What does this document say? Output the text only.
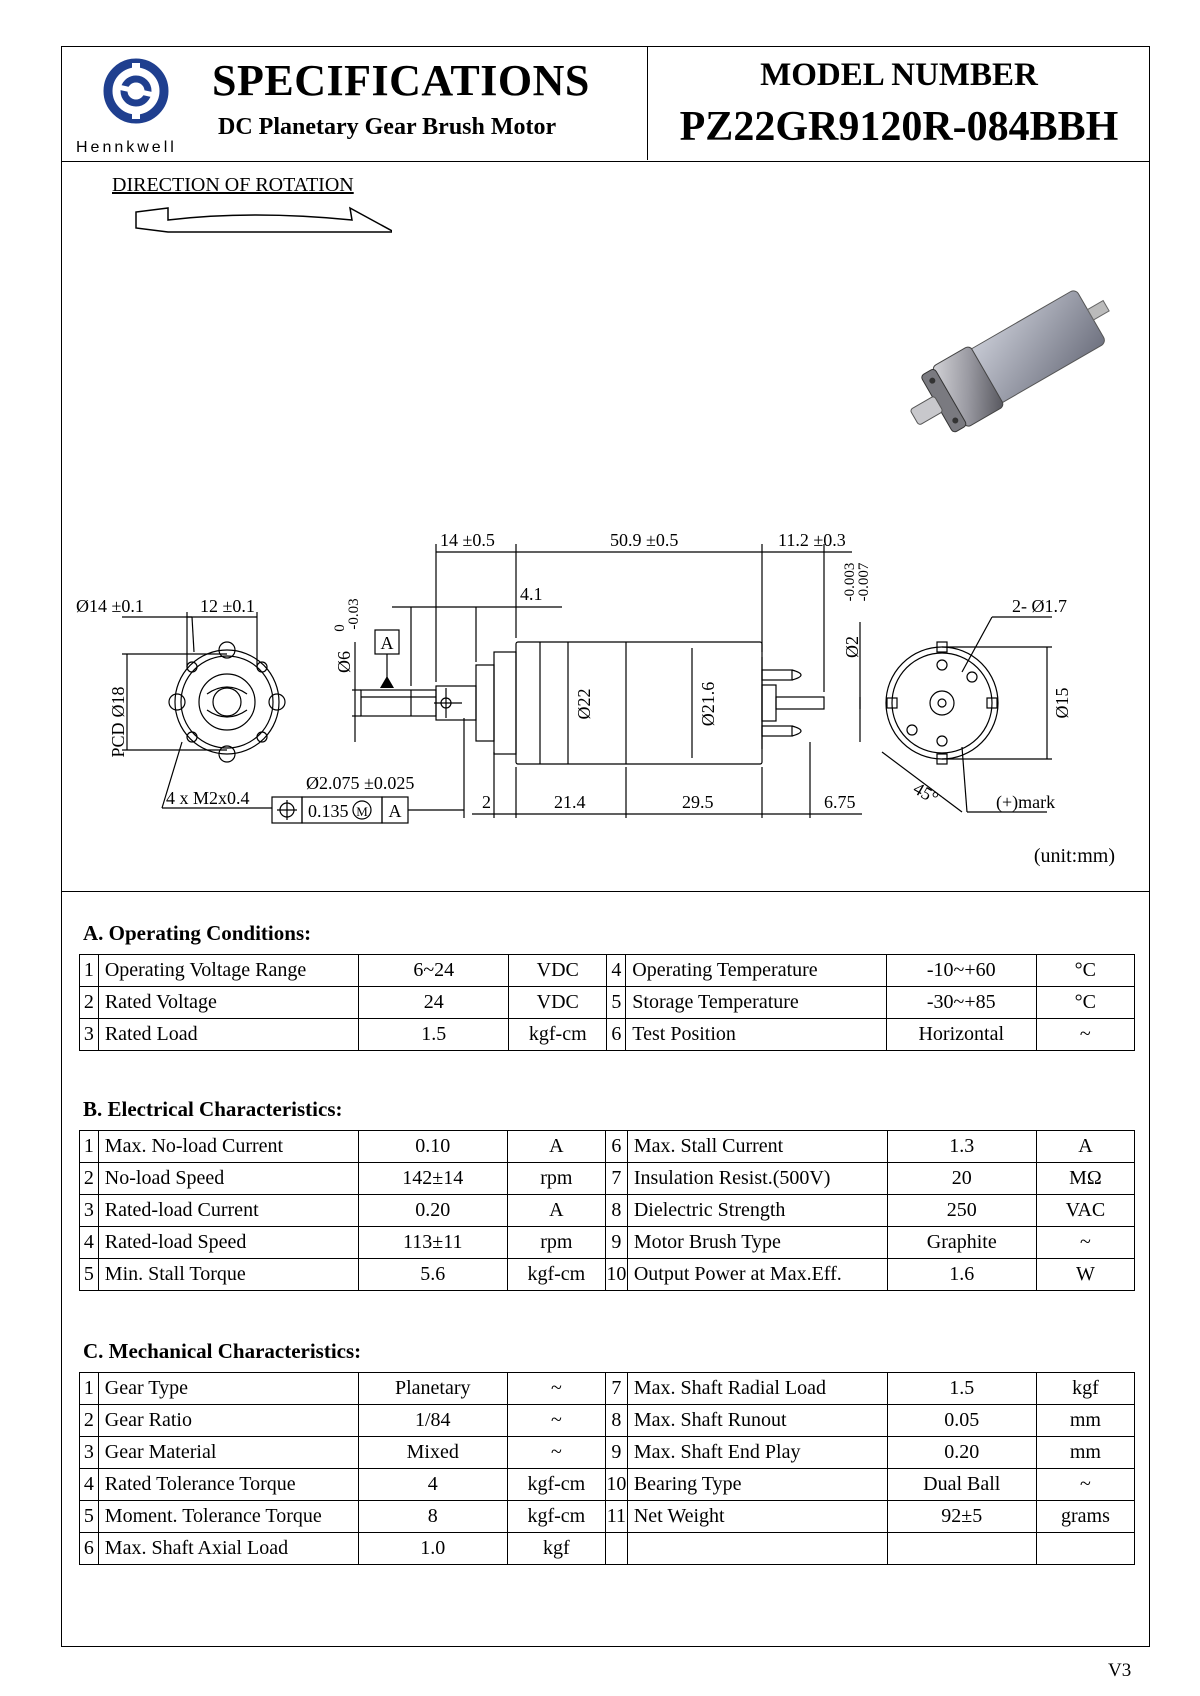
Hennkwell
SPECIFICATIONS
DC Planetary Gear Brush Motor
MODEL NUMBER
PZ22GR9120R-084BBH
DIRECTION OF ROTATION
Ø14 ±0.1	12 ±0.1
Ø18
PCD
4 x M2x0.4
14 ±0.5	50.9 ±0.5	11.2 ±0.3
4.1
0
-0.03
Ø6
A
Ø2.075 ±0.025
0.135 M A
Ø22	Ø21.6
-0.003
-0.007
Ø2
2	21.4	29.5	6.75
2- Ø1.7
Ø15
45°	(+)mark
(unit:mm)
A. Operating Conditions:
1	Operating Voltage Range	6~24	VDC	4	Operating Temperature	-10~+60	°C
2	Rated Voltage	24	VDC	5	Storage Temperature	-30~+85	°C
3	Rated Load	1.5	kgf-cm	6	Test Position	Horizontal	~
B. Electrical Characteristics:
1	Max. No-load Current	0.10	A	6	Max. Stall Current	1.3	A
2	No-load Speed	142±14	rpm	7	Insulation Resist.(500V)	20	MΩ
3	Rated-load Current	0.20	A	8	Dielectric Strength	250	VAC
4	Rated-load Speed	113±11	rpm	9	Motor Brush Type	Graphite	~
5	Min. Stall Torque	5.6	kgf-cm	10	Output Power at Max.Eff.	1.6	W
C. Mechanical Characteristics:
1	Gear Type	Planetary	~	7	Max. Shaft Radial Load	1.5	kgf
2	Gear Ratio	1/84	~	8	Max. Shaft Runout	0.05	mm
3	Gear Material	Mixed	~	9	Max. Shaft End Play	0.20	mm
4	Rated Tolerance Torque	4	kgf-cm	10	Bearing Type	Dual Ball	~
5	Moment. Tolerance Torque	8	kgf-cm	11	Net Weight	92±5	grams
6	Max. Shaft Axial Load	1.0	kgf				
V3
